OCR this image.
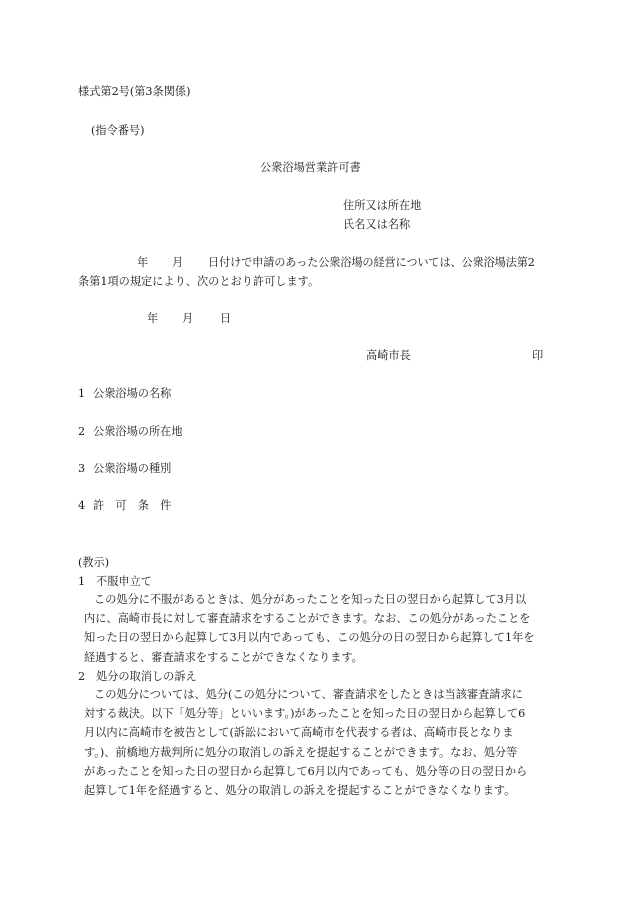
様式第2号(第3条関係)
(指令番号)
公衆浴場営業許可書
住所又は所在地
氏名又は名称
年 月 日付けで申請のあった公衆浴場の経営については、公衆浴場法第2
条第1項の規定により、次のとおり許可します。
年 月 日
高崎市長	印
1 公衆浴場の名称
2 公衆浴場の所在地
3 公衆浴場の種別
4 許　可　条　件
(教示)
1 不服申立て

この処分に不服があるときは、処分があったことを知った日の翌日から起算して3月以

内に、高崎市長に対して審査請求をすることができます。なお、この処分があったことを

知った日の翌日から起算して3月以内であっても、この処分の日の翌日から起算して1年を

経過すると、審査請求をすることができなくなります。

2 処分の取消しの訴え

この処分については、処分(この処分について、審査請求をしたときは当該審査請求に

対する裁決。以下「処分等」といいます。)があったことを知った日の翌日から起算して6

月以内に高崎市を被告として(訴訟において高崎市を代表する者は、高崎市長となりま

す。)、前橋地方裁判所に処分の取消しの訴えを提起することができます。なお、処分等

があったことを知った日の翌日から起算して6月以内であっても、処分等の日の翌日から

起算して1年を経過すると、処分の取消しの訴えを提起することができなくなります。
